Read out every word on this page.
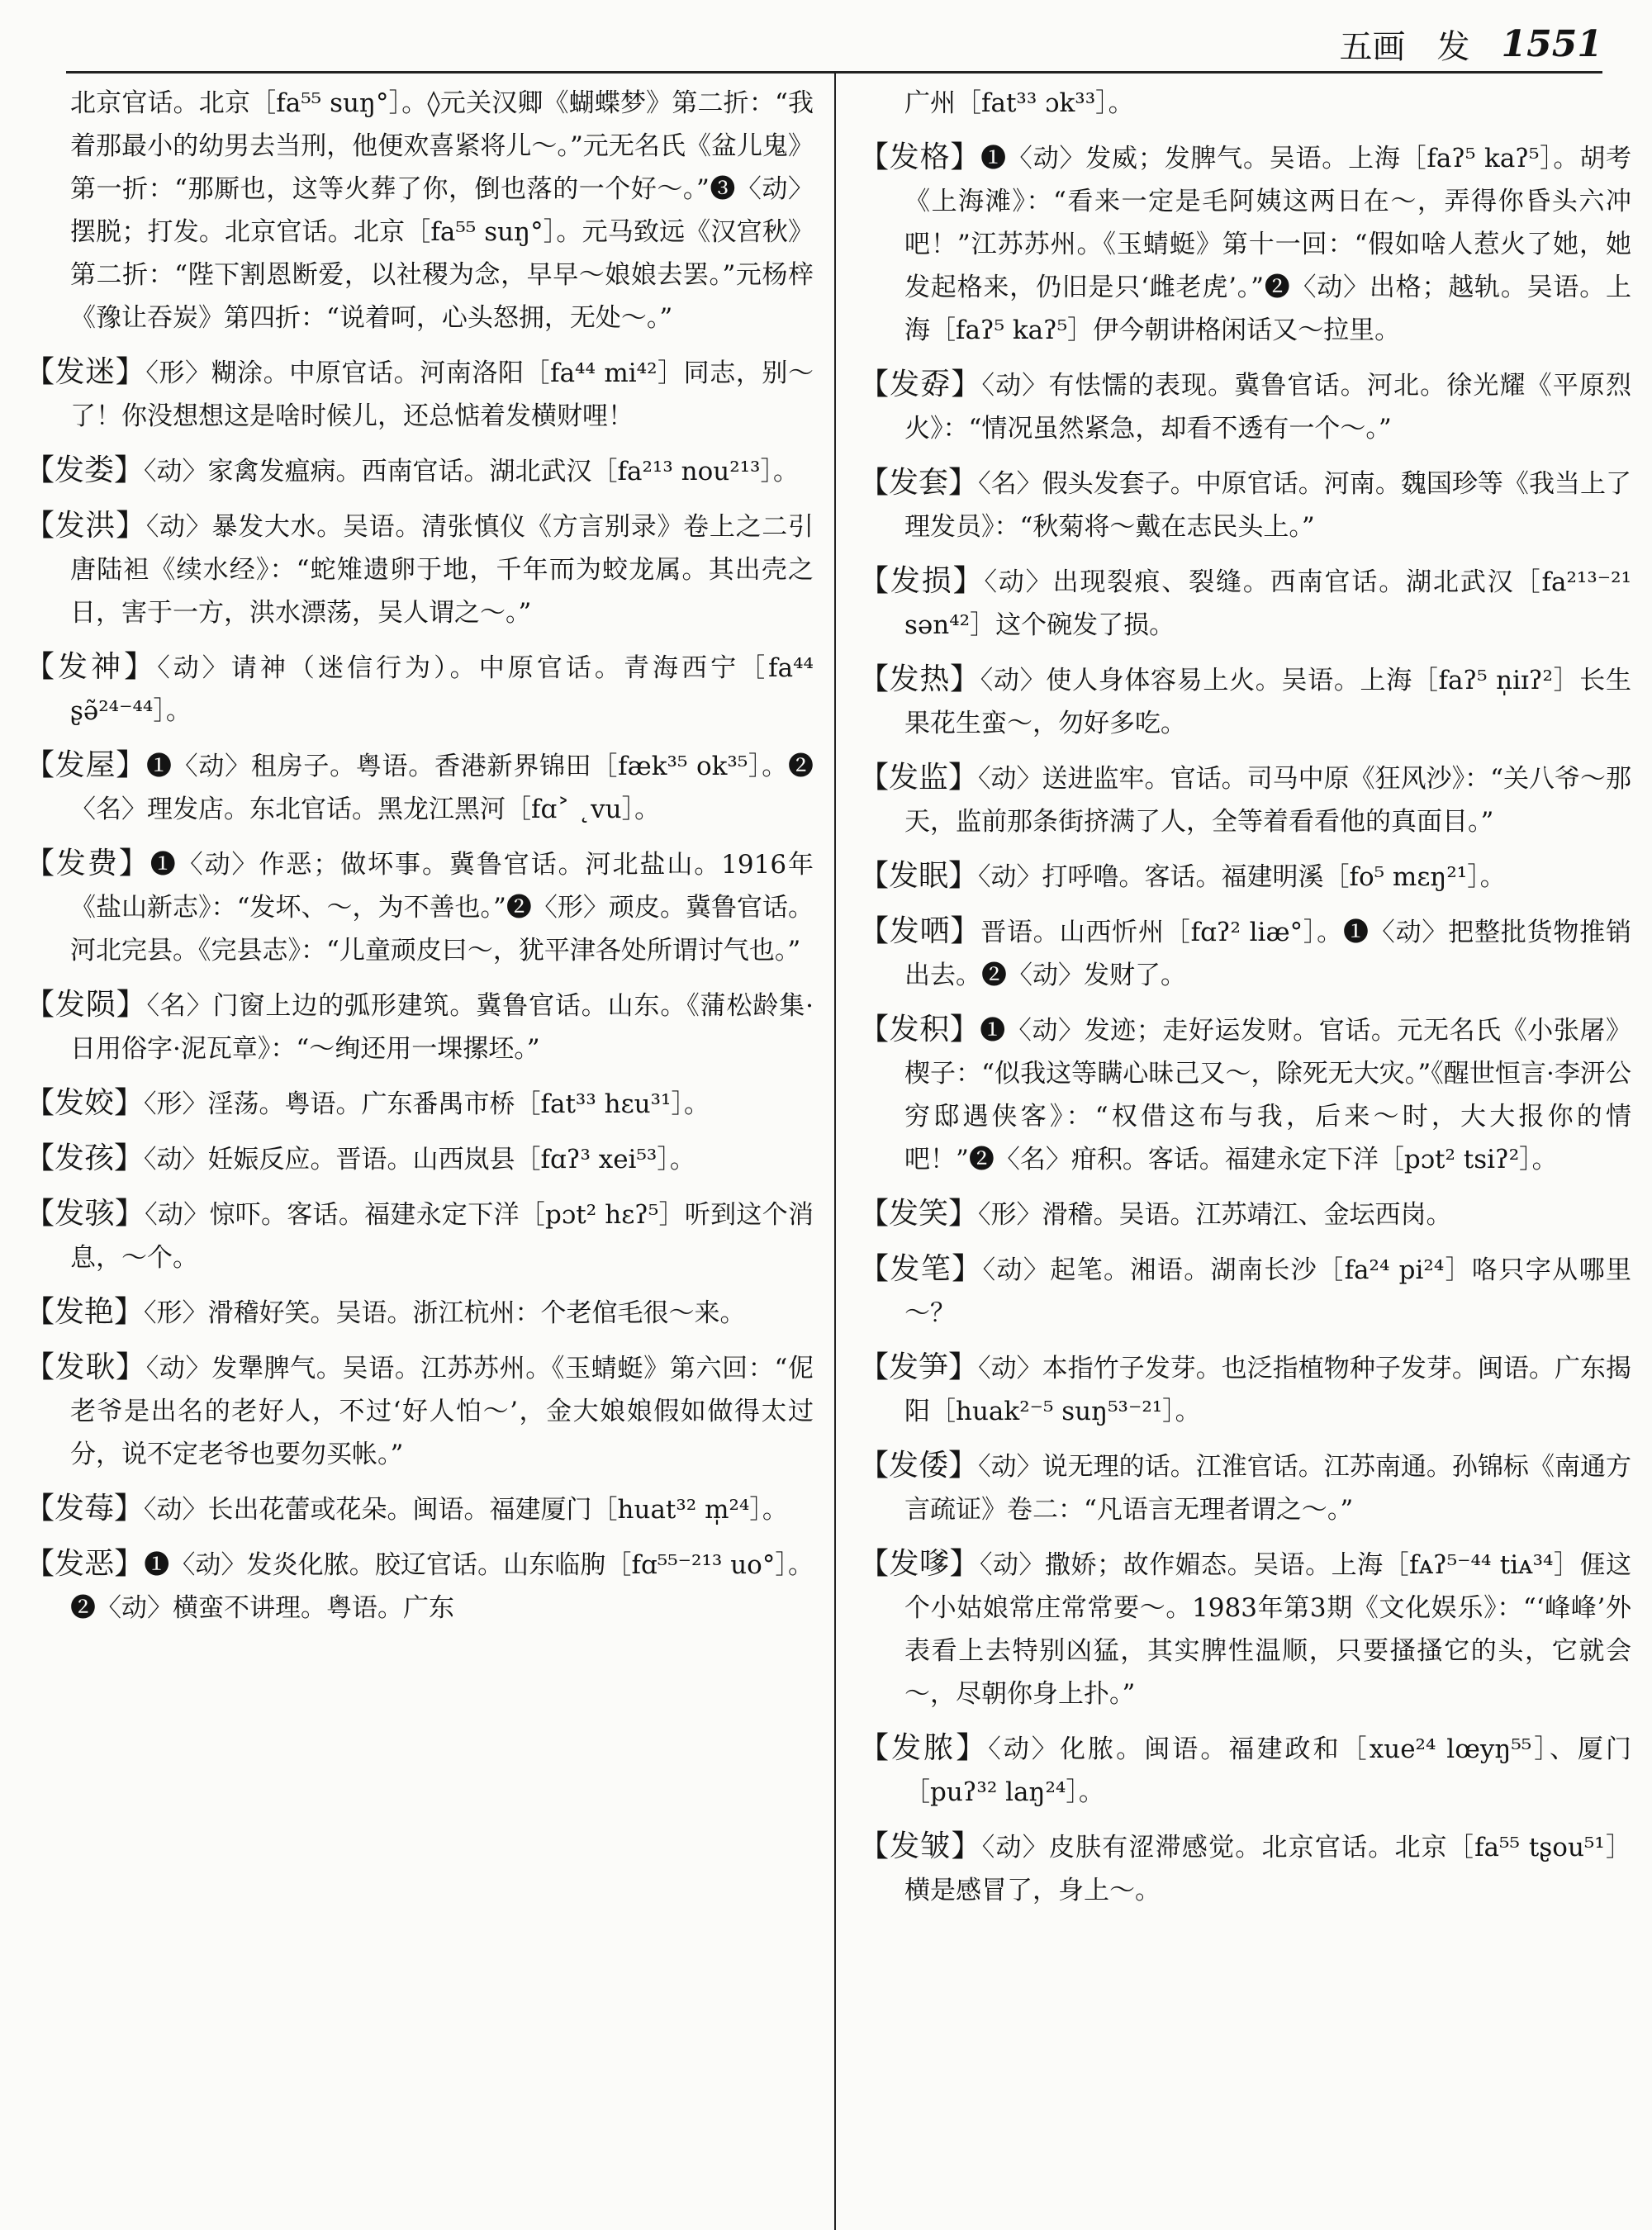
五画 发 1551
北京官话。北京［fa⁵⁵ suŋ°］。◊元关汉卿《蝴蝶梦》第二折：“我着那最小的幼男去当刑，他便欢喜紧将儿～。”元无名氏《盆儿鬼》第一折：“那厮也，这等火葬了你，倒也落的一个好～。”❸〈动〉摆脱；打发。北京官话。北京［fa⁵⁵ suŋ°］。元马致远《汉宫秋》第二折：“陛下割恩断爱，以社稷为念，早早～娘娘去罢。”元杨梓《豫让吞炭》第四折：“说着呵，心头怒拥，无处～。”
【发迷】〈形〉糊涂。中原官话。河南洛阳［fa⁴⁴ mi⁴²］同志，别～了！你没想想这是啥时候儿，还总惦着发横财哩！
【发娄】〈动〉家禽发瘟病。西南官话。湖北武汉［fa²¹³ nou²¹³］。
【发洪】〈动〉暴发大水。吴语。清张慎仪《方言别录》卷上之二引唐陆袒《续水经》：“蛇雉遗卵于地，千年而为蛟龙属。其出壳之日，害于一方，洪水漂荡，吴人谓之～。”
【发神】〈动〉请神（迷信行为）。中原官话。青海西宁［fa⁴⁴ ʂə̃²⁴⁻⁴⁴］。
【发屋】❶〈动〉租房子。粤语。香港新界锦田［fæk³⁵ ok³⁵］。❷〈名〉理发店。东北官话。黑龙江黑河［fɑ˃ ˛vu］。
【发费】❶〈动〉作恶；做坏事。冀鲁官话。河北盐山。1916年《盐山新志》：“发坏、～，为不善也。”❷〈形〉顽皮。冀鲁官话。河北完县。《完县志》：“儿童顽皮曰～，犹平津各处所谓讨气也。”
【发陨】〈名〉门窗上边的弧形建筑。冀鲁官话。山东。《蒲松龄集·日用俗字·泥瓦章》：“～绚还用一堁摞坯。”
【发姣】〈形〉淫荡。粤语。广东番禺市桥［fat³³ hɛu³¹］。
【发孩】〈动〉妊娠反应。晋语。山西岚县［fɑʔ³ xei⁵³］。
【发骇】〈动〉惊吓。客话。福建永定下洋［pɔt² hɛʔ⁵］听到这个消息，～个。
【发艳】〈形〉滑稽好笑。吴语。浙江杭州：个老倌毛很～来。
【发耿】〈动〉发犟脾气。吴语。江苏苏州。《玉蜻蜓》第六回：“伲老爷是出名的老好人，不过‘好人怕～’，金大娘娘假如做得太过分，说不定老爷也要勿买帐。”
【发莓】〈动〉长出花蕾或花朵。闽语。福建厦门［huat³² m̩²⁴］。
【发恶】❶〈动〉发炎化脓。胶辽官话。山东临朐［fɑ⁵⁵⁻²¹³ uo°］。❷〈动〉横蛮不讲理。粤语。广东
广州［fat³³ ɔk³³］。
【发格】❶〈动〉发威；发脾气。吴语。上海［faʔ⁵ kaʔ⁵］。胡考《上海滩》：“看来一定是毛阿姨这两日在～，弄得你昏头六冲吧！”江苏苏州。《玉蜻蜓》第十一回：“假如啥人惹火了她，她发起格来，仍旧是只‘雌老虎’。”❷〈动〉出格；越轨。吴语。上海［faʔ⁵ kaʔ⁵］伊今朝讲格闲话又～拉里。
【发孬】〈动〉有怯懦的表现。冀鲁官话。河北。徐光耀《平原烈火》：“情况虽然紧急，却看不透有一个～。”
【发套】〈名〉假头发套子。中原官话。河南。魏国珍等《我当上了理发员》：“秋菊将～戴在志民头上。”
【发损】〈动〉出现裂痕、裂缝。西南官话。湖北武汉［fa²¹³⁻²¹ sən⁴²］这个碗发了损。
【发热】〈动〉使人身体容易上火。吴语。上海［faʔ⁵ n̩iɪʔ²］长生果花生蛮～，勿好多吃。
【发监】〈动〉送进监牢。官话。司马中原《狂风沙》：“关八爷～那天，监前那条街挤满了人，全等着看看他的真面目。”
【发眠】〈动〉打呼噜。客话。福建明溪［fo⁵ mɛŋ²¹］。
【发哂】晋语。山西忻州［fɑʔ² liæ°］。❶〈动〉把整批货物推销出去。❷〈动〉发财了。
【发积】❶〈动〉发迹；走好运发财。官话。元无名氏《小张屠》楔子：“似我这等瞒心昧己又～，除死无大灾。”《醒世恒言·李汧公穷邸遇侠客》：“权借这布与我，后来～时，大大报你的情吧！”❷〈名〉疳积。客话。福建永定下洋［pɔt² tsiʔ²］。
【发笑】〈形〉滑稽。吴语。江苏靖江、金坛西岗。
【发笔】〈动〉起笔。湘语。湖南长沙［fa²⁴ pi²⁴］咯只字从哪里～？
【发笋】〈动〉本指竹子发芽。也泛指植物种子发芽。闽语。广东揭阳［huak²⁻⁵ suŋ⁵³⁻²¹］。
【发倭】〈动〉说无理的话。江淮官话。江苏南通。孙锦标《南通方言疏证》卷二：“凡语言无理者谓之～。”
【发嗲】〈动〉撒娇；故作媚态。吴语。上海［fᴀʔ⁵⁻⁴⁴ tiᴀ³⁴］𠊎这个小姑娘常庄常常要～。1983年第3期《文化娱乐》：“‘峰峰’外表看上去特别凶猛，其实脾性温顺，只要搔搔它的头，它就会～，尽朝你身上扑。”
【发脓】〈动〉化脓。闽语。福建政和［xue²⁴ lœyŋ⁵⁵］、厦门［puʔ³² laŋ²⁴］。
【发皱】〈动〉皮肤有涩滞感觉。北京官话。北京［fa⁵⁵ tʂou⁵¹］横是感冒了，身上～。
